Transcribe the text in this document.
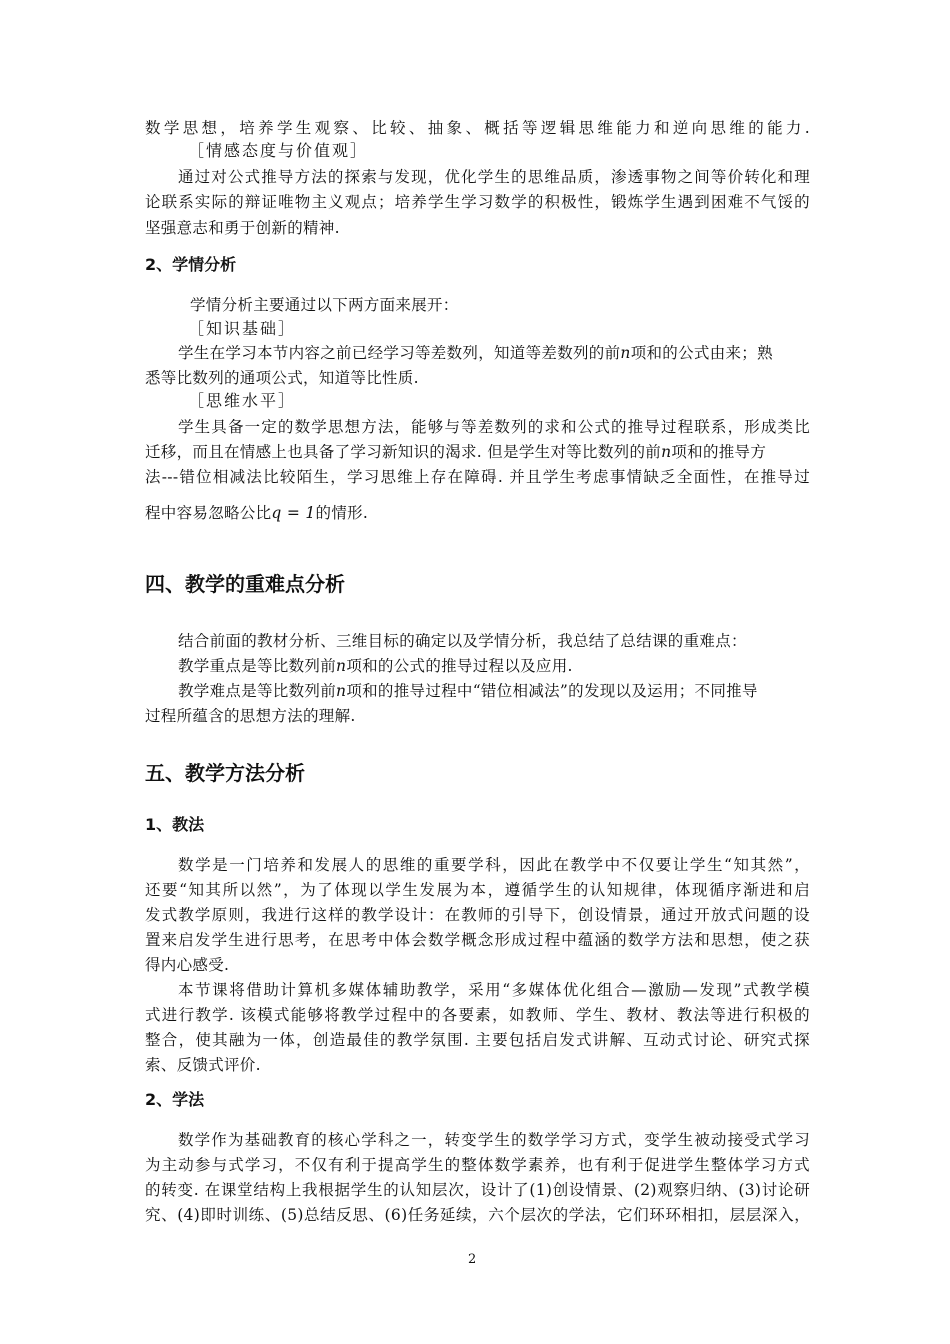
数学思想，培养学生观察、比较、抽象、概括等逻辑思维能力和逆向思维的能力.
［情感态度与价值观］
通过对公式推导方法的探索与发现，优化学生的思维品质，渗透事物之间等价转化和理
论联系实际的辩证唯物主义观点；培养学生学习数学的积极性，锻炼学生遇到困难不气馁的
坚强意志和勇于创新的精神.
2、学情分析
学情分析主要通过以下两方面来展开：
［知识基础］
学生在学习本节内容之前已经学习等差数列，知道等差数列的前n项和的公式由来；熟
悉等比数列的通项公式，知道等比性质.
［思维水平］
学生具备一定的数学思想方法，能够与等差数列的求和公式的推导过程联系，形成类比
迁移，而且在情感上也具备了学习新知识的渴求. 但是学生对等比数列的前n项和的推导方
法---错位相减法比较陌生，学习思维上存在障碍. 并且学生考虑事情缺乏全面性，在推导过
程中容易忽略公比q = 1的情形.
四、教学的重难点分析
结合前面的教材分析、三维目标的确定以及学情分析，我总结了总结课的重难点：
教学重点是等比数列前n项和的公式的推导过程以及应用.
教学难点是等比数列前n项和的推导过程中“错位相减法”的发现以及运用；不同推导
过程所蕴含的思想方法的理解.
五、教学方法分析
1、教法
数学是一门培养和发展人的思维的重要学科，因此在教学中不仅要让学生“知其然”，
还要“知其所以然”，为了体现以学生发展为本，遵循学生的认知规律，体现循序渐进和启
发式教学原则，我进行这样的教学设计：在教师的引导下，创设情景，通过开放式问题的设
置来启发学生进行思考，在思考中体会数学概念形成过程中蕴涵的数学方法和思想，使之获
得内心感受.
本节课将借助计算机多媒体辅助教学，采用“多媒体优化组合—激励—发现”式教学模
式进行教学. 该模式能够将教学过程中的各要素，如教师、学生、教材、教法等进行积极的
整合，使其融为一体，创造最佳的教学氛围. 主要包括启发式讲解、互动式讨论、研究式探
索、反馈式评价.
2、学法
数学作为基础教育的核心学科之一，转变学生的数学学习方式，变学生被动接受式学习
为主动参与式学习，不仅有利于提高学生的整体数学素养，也有利于促进学生整体学习方式
的转变. 在课堂结构上我根据学生的认知层次，设计了(1)创设情景、(2)观察归纳、(3)讨论研
究、(4)即时训练、(5)总结反思、(6)任务延续，六个层次的学法，它们环环相扣，层层深入，
2
